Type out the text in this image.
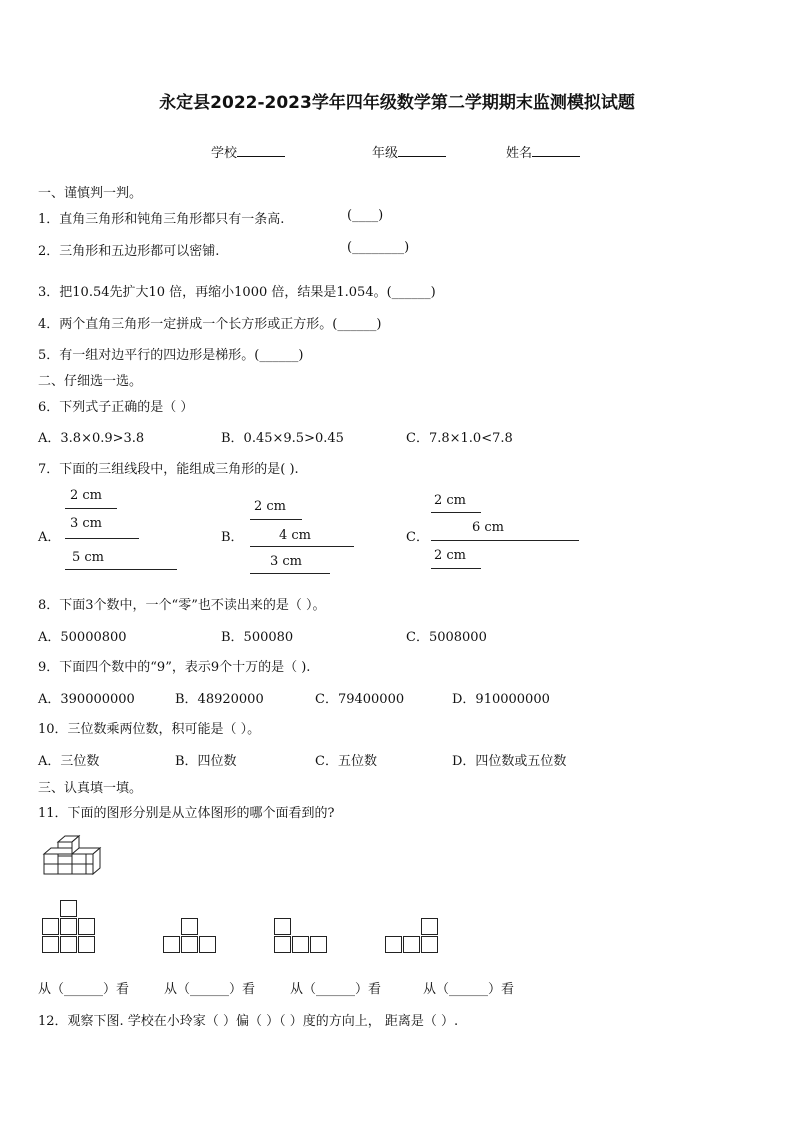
永定县2022-2023学年四年级数学第二学期期末监测模拟试题
学校	年级	姓名
一、谨慎判一判。
1．直角三角形和钝角三角形都只有一条高.	(____)
2．三角形和五边形都可以密铺.	(________)
3．把10.54先扩大10 倍，再缩小1000 倍，结果是1.054。(______)
4．两个直角三角形一定拼成一个长方形或正方形。(______)
5．有一组对边平行的四边形是梯形。(______)
二、仔细选一选。
6．下列式子正确的是（ ）
A．3.8×0.9>3.8	B．0.45×9.5>0.45	C．7.8×1.0<7.8
7．下面的三组线段中，能组成三角形的是( ).
A．
2 cm
3 cm
5 cm
B．
2 cm
4 cm
3 cm
C．
2 cm
6 cm
2 cm
8．下面3个数中，一个“零”也不读出来的是（ ）。
A．50000800	B．500080	C．5008000
9．下面四个数中的“9”，表示9个十万的是（ ).
A．390000000	B．48920000	C．79400000	D．910000000
10．三位数乘两位数，积可能是（ ）。
A．三位数	B．四位数	C．五位数	D．四位数或五位数
三、认真填一填。
11．下面的图形分别是从立体图形的哪个面看到的?
从（______）看	从（______）看	从（______）看	从（______）看
12．观察下图. 学校在小玲家（ ）偏（ ）（ ）度的方向上， 距离是（ ）.
